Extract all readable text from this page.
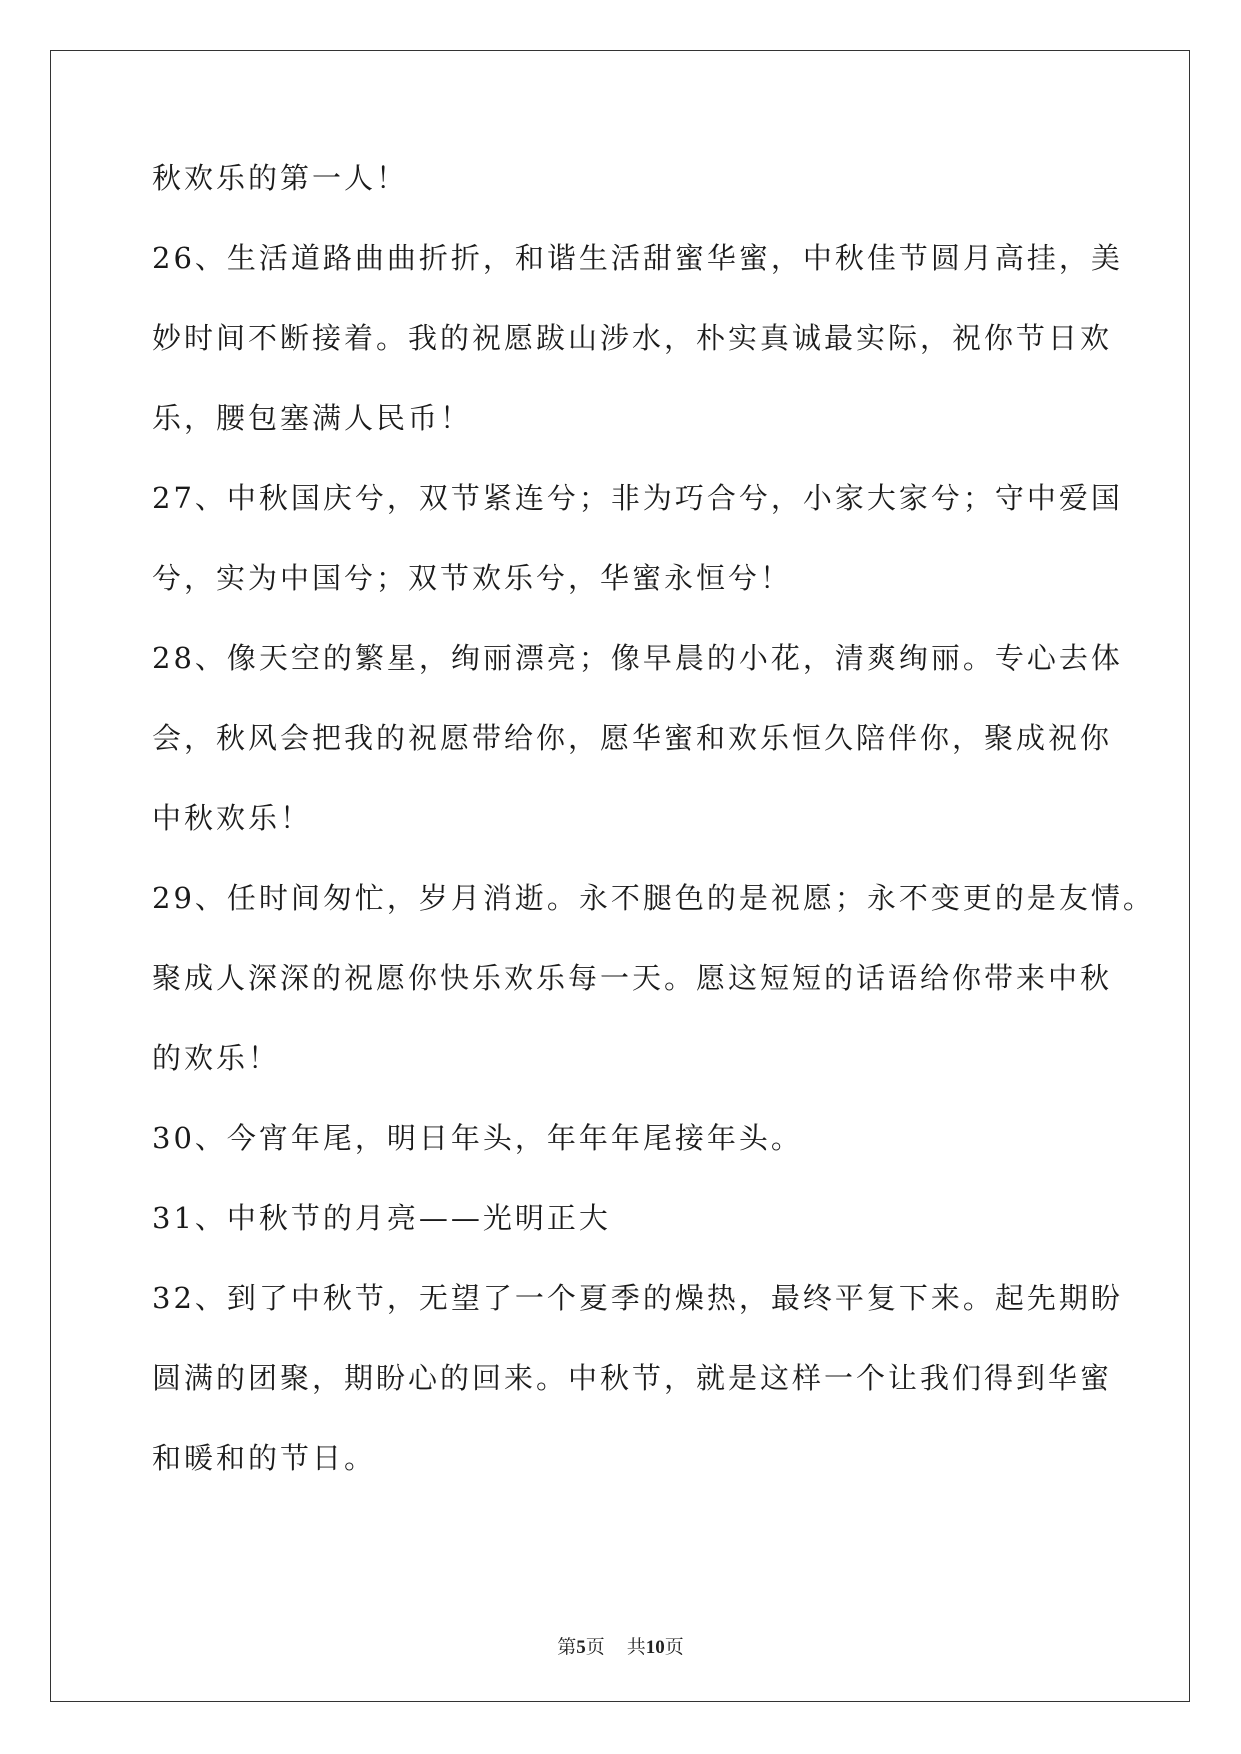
秋欢乐的第一人！
26、生活道路曲曲折折，和谐生活甜蜜华蜜，中秋佳节圆月高挂，美
妙时间不断接着。我的祝愿跋山涉水，朴实真诚最实际，祝你节日欢
乐，腰包塞满人民币！
27、中秋国庆兮，双节紧连兮；非为巧合兮，小家大家兮；守中爱国
兮，实为中国兮；双节欢乐兮，华蜜永恒兮！
28、像天空的繁星，绚丽漂亮；像早晨的小花，清爽绚丽。专心去体
会，秋风会把我的祝愿带给你，愿华蜜和欢乐恒久陪伴你，聚成祝你
中秋欢乐！
29、任时间匆忙，岁月消逝。永不腿色的是祝愿；永不变更的是友情。
聚成人深深的祝愿你快乐欢乐每一天。愿这短短的话语给你带来中秋
的欢乐！
30、今宵年尾，明日年头，年年年尾接年头。
31、中秋节的月亮——光明正大
32、到了中秋节，无望了一个夏季的燥热，最终平复下来。起先期盼
圆满的团聚，期盼心的回来。中秋节，就是这样一个让我们得到华蜜
和暖和的节日。
第5页 共10页
